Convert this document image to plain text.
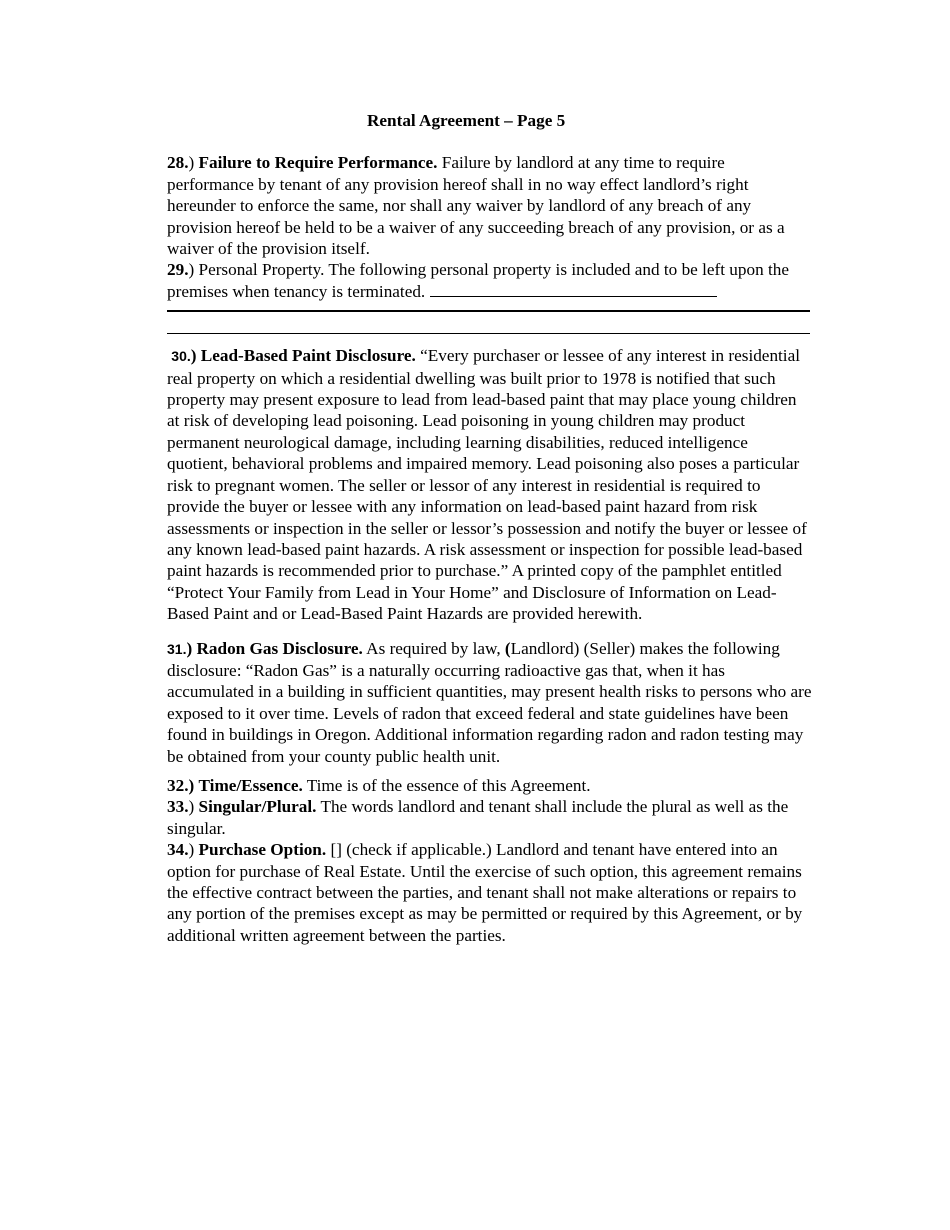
Rental Agreement – Page 5

28.) Failure to Require Performance. Failure by landlord at any time to require performance by tenant of any provision hereof shall in no way effect landlord’s right hereunder to enforce the same, nor shall any waiver by landlord of any breach of any provision hereof be held to be a waiver of any succeeding breach of any provision, or as a waiver of the provision itself.

29.) Personal Property. The following personal property is included and to be left upon the premises when tenancy is terminated.

30.) Lead-Based Paint Disclosure. “Every purchaser or lessee of any interest in residential real property on which a residential dwelling was built prior to 1978 is notified that such property may present exposure to lead from lead-based paint that may place young children at risk of developing lead poisoning. Lead poisoning in young children may product permanent neurological damage, including learning disabilities, reduced intelligence quotient, behavioral problems and impaired memory. Lead poisoning also poses a particular risk to pregnant women. The seller or lessor of any interest in residential is required to provide the buyer or lessee with any information on lead-based paint hazard from risk assessments or inspection in the seller or lessor’s possession and notify the buyer or lessee of any known lead-based paint hazards. A risk assessment or inspection for possible lead-based paint hazards is recommended prior to purchase.” A printed copy of the pamphlet entitled “Protect Your Family from Lead in Your Home” and Disclosure of Information on Lead-Based Paint and or Lead-Based Paint Hazards are provided herewith.

31.) Radon Gas Disclosure. As required by law, (Landlord) (Seller) makes the following disclosure: “Radon Gas” is a naturally occurring radioactive gas that, when it has accumulated in a building in sufficient quantities, may present health risks to persons who are exposed to it over time. Levels of radon that exceed federal and state guidelines have been found in buildings in Oregon. Additional information regarding radon and radon testing may be obtained from your county public health unit.

32.) Time/Essence. Time is of the essence of this Agreement.

33.) Singular/Plural. The words landlord and tenant shall include the plural as well as the singular.

34.) Purchase Option. [] (check if applicable.) Landlord and tenant have entered into an option for purchase of Real Estate. Until the exercise of such option, this agreement remains the effective contract between the parties, and tenant shall not make alterations or repairs to any portion of the premises except as may be permitted or required by this Agreement, or by additional written agreement between the parties.
